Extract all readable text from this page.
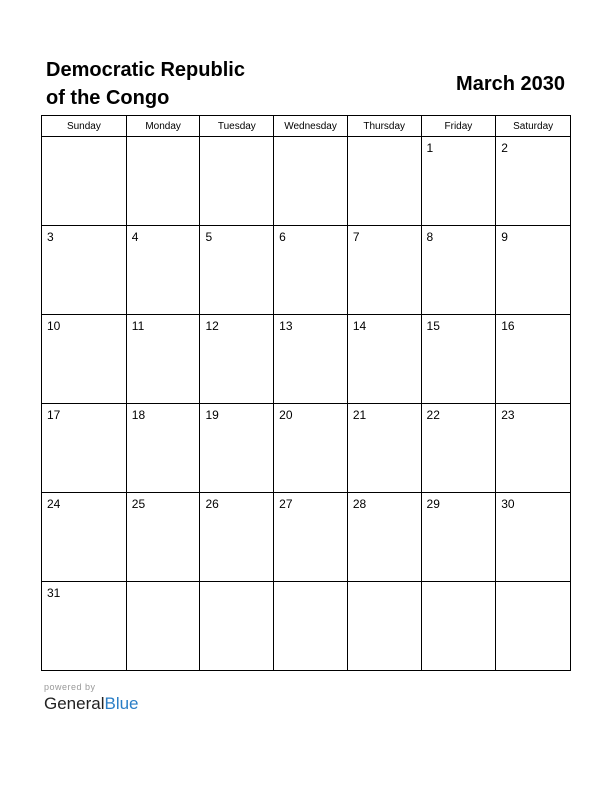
Democratic Republic
of the Congo
March 2030
Sunday	Monday	Tuesday	Wednesday	Thursday	Friday	Saturday

					1	2

3	4	5	6	7	8	9

10	11	12	13	14	15	16

17	18	19	20	21	22	23

24	25	26	27	28	29	30

31						

powered by
GeneralBlue
